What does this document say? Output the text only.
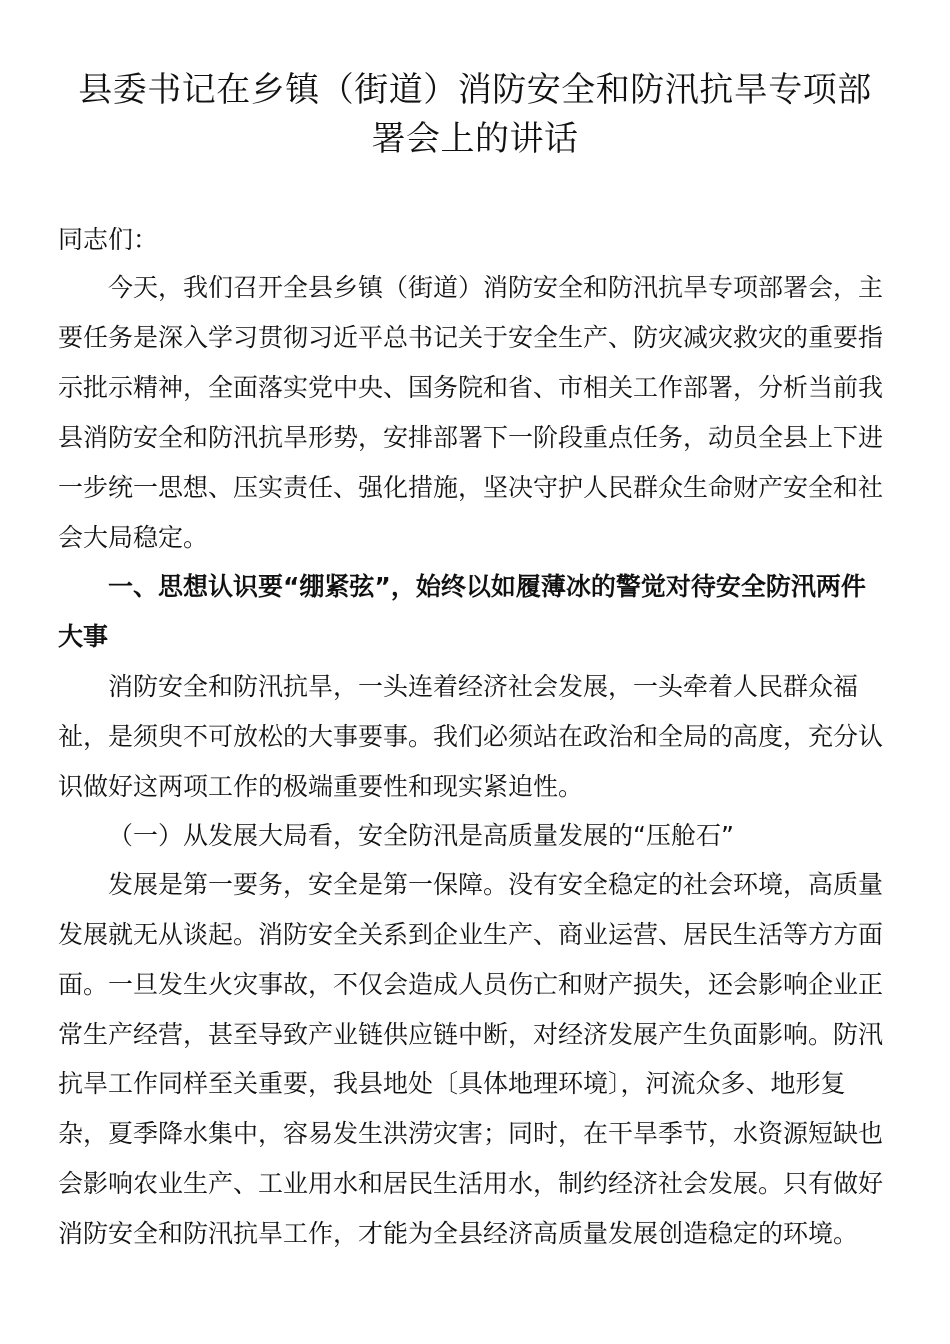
县委书记在乡镇（街道）消防安全和防汛抗旱专项部
署会上的讲话

同志们：

今天，我们召开全县乡镇（街道）消防安全和防汛抗旱专项部署会，主

要任务是深入学习贯彻习近平总书记关于安全生产、防灾减灾救灾的重要指

示批示精神，全面落实党中央、国务院和省、市相关工作部署，分析当前我

县消防安全和防汛抗旱形势，安排部署下一阶段重点任务，动员全县上下进

一步统一思想、压实责任、强化措施，坚决守护人民群众生命财产安全和社

会大局稳定。

一、思想认识要“绷紧弦”，始终以如履薄冰的警觉对待安全防汛两件

大事

消防安全和防汛抗旱，一头连着经济社会发展，一头牵着人民群众福

祉，是须臾不可放松的大事要事。我们必须站在政治和全局的高度，充分认

识做好这两项工作的极端重要性和现实紧迫性。

（一）从发展大局看，安全防汛是高质量发展的“压舱石”

发展是第一要务，安全是第一保障。没有安全稳定的社会环境，高质量

发展就无从谈起。消防安全关系到企业生产、商业运营、居民生活等方方面

面。一旦发生火灾事故，不仅会造成人员伤亡和财产损失，还会影响企业正

常生产经营，甚至导致产业链供应链中断，对经济发展产生负面影响。防汛

抗旱工作同样至关重要，我县地处〔具体地理环境〕，河流众多、地形复

杂，夏季降水集中，容易发生洪涝灾害；同时，在干旱季节，水资源短缺也

会影响农业生产、工业用水和居民生活用水，制约经济社会发展。只有做好

消防安全和防汛抗旱工作，才能为全县经济高质量发展创造稳定的环境。
